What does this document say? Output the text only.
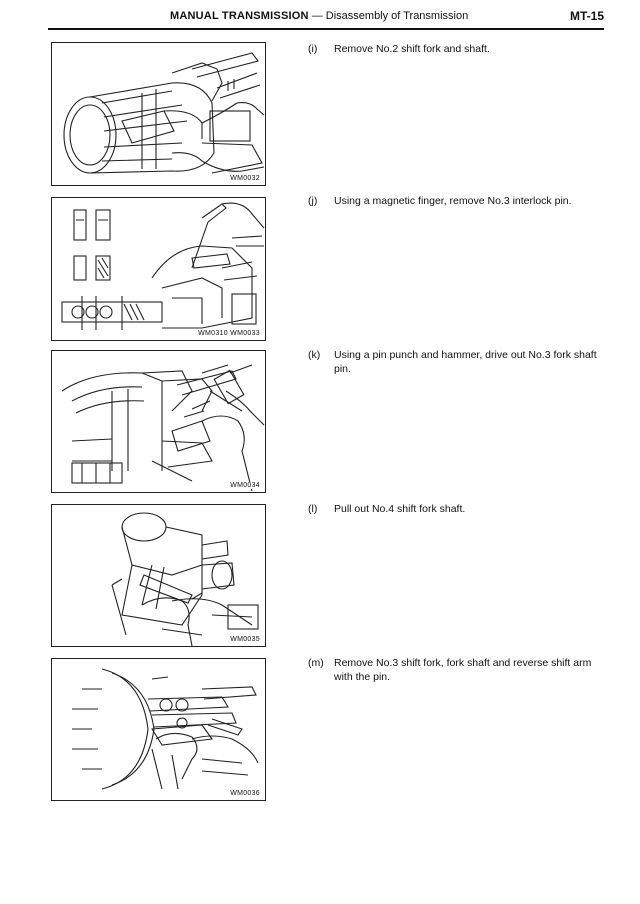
MANUAL TRANSMISSION — Disassembly of Transmission	MT-15
WM0032
(i) Remove No.2 shift fork and shaft.
WM0310 WM0033
(j) Using a magnetic finger, remove No.3 interlock pin.
WM0034
(k) Using a pin punch and hammer, drive out No.3 fork shaft pin.
WM0035
(l) Pull out No.4 shift fork shaft.
WM0036
(m) Remove No.3 shift fork, fork shaft and reverse shift arm with the pin.
